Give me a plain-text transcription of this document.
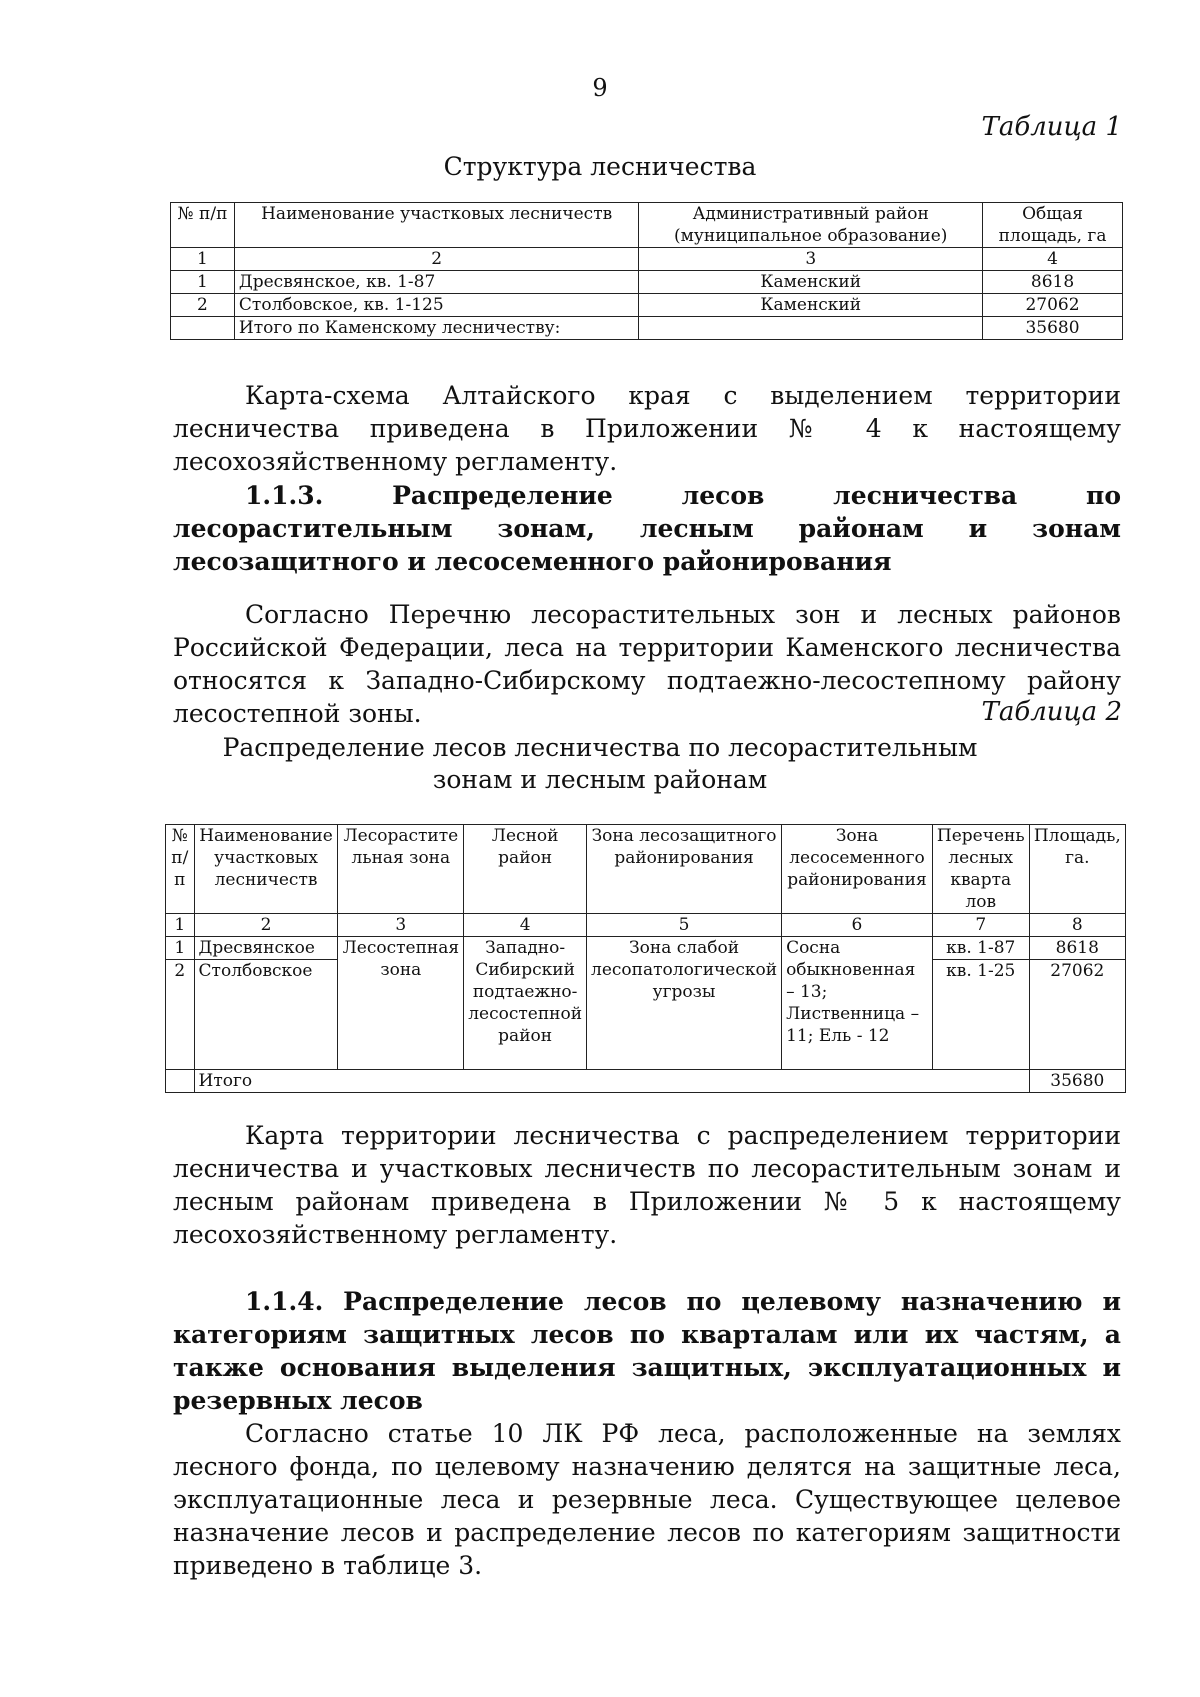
9
Таблица 1
Структура лесничества
№ п/п	Наименование участковых лесничеств	Административный район (муниципальное образование)	Общая площадь, га
1	2	3	4
1	Дресвянское, кв. 1-87	Каменский	8618
2	Столбовское, кв. 1-125	Каменский	27062
	Итого по Каменскому лесничеству:		35680
Карта-схема Алтайского края с выделением территории лесничества приведена в Приложении № 4 к настоящему лесохозяйственному регламенту.
1.1.3. Распределение лесов лесничества по лесорастительным зонам, лесным районам и зонам лесозащитного и лесосеменного районирования
Согласно Перечню лесорастительных зон и лесных районов Российской Федерации, леса на территории Каменского лесничества относятся к Западно-Сибирскому подтаежно-лесостепному району лесостепной зоны.	Таблица 2
Распределение лесов лесничества по лесорастительным
зонам и лесным районам
№ п/п	Наименование участковых лесничеств	Лесорастите льная зона	Лесной район	Зона лесозащитного районирования	Зона лесосеменного районирования	Перечень лесных кварта лов	Площадь, га.
1	2	3	4	5	6	7	8
1	Дресвянское	Лесостепная зона	Западно-Сибирский подтаежно-лесостепной район	Зона слабой лесопатологической угрозы	Сосна обыкновенная – 13; Лиственница – 11; Ель - 12	кв. 1-87	8618
2	Столбовское					кв. 1-25	27062
	Итого						35680
Карта территории лесничества с распределением территории лесничества и участковых лесничеств по лесорастительным зонам и лесным районам приведена в Приложении № 5 к настоящему лесохозяйственному регламенту.
1.1.4. Распределение лесов по целевому назначению и категориям защитных лесов по кварталам или их частям, а также основания выделения защитных, эксплуатационных и резервных лесов
Согласно статье 10 ЛК РФ леса, расположенные на землях лесного фонда, по целевому назначению делятся на защитные леса, эксплуатационные леса и резервные леса. Существующее целевое назначение лесов и распределение лесов по категориям защитности приведено в таблице 3.
